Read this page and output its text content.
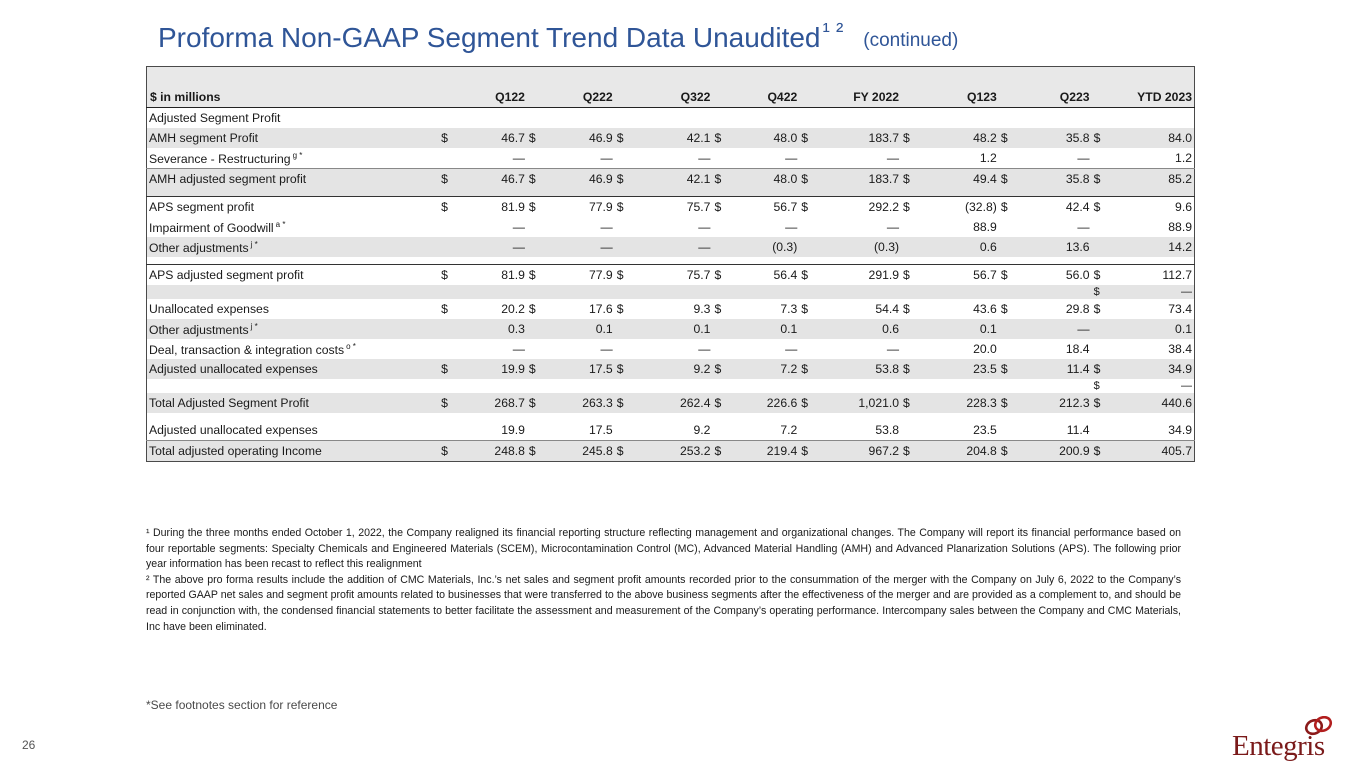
Proforma Non-GAAP Segment Trend Data Unaudited$^{^1 ^2}$ (continued)

$ in millions	Q122		Q222		Q322		Q422		FY 2022		Q123		Q223		YTD 2023	
Adjusted Segment Profit																
AMH segment Profit	$	46.7	$	46.9	$	42.1	$	48.0	$	183.7	$	48.2	$	35.8	$	84.0
Severance - Restructuring $^{g *}$		—		—		—		—		—		1.2		—		1.2
AMH adjusted segment profit	$	46.7	$	46.9	$	42.1	$	48.0	$	183.7	$	49.4	$	35.8	$	85.2

APS segment profit	$	81.9	$	77.9	$	75.7	$	56.7	$	292.2	$	(32.8)	$	42.4	$	9.6
Impairment of Goodwill $^{a *}$		—		—		—		—		—		88.9		—		88.9
Other adjustments $^{j *}$		—		—		—		(0.3)		(0.3)		0.6		13.6		14.2

APS adjusted segment profit	$	81.9	$	77.9	$	75.7	$	56.4	$	291.9	$	56.7	$	56.0	$	112.7
															$	—
Unallocated expenses	$	20.2	$	17.6	$	9.3	$	7.3	$	54.4	$	43.6	$	29.8	$	73.4
Other adjustments $^{j *}$		0.3		0.1		0.1		0.1		0.6		0.1		—		0.1
Deal, transaction & integration costs $^{o *}$		—		—		—		—		—		20.0		18.4		38.4
Adjusted unallocated expenses	$	19.9	$	17.5	$	9.2	$	7.2	$	53.8	$	23.5	$	11.4	$	34.9
															$	—
Total Adjusted Segment Profit	$	268.7	$	263.3	$	262.4	$	226.6	$	1,021.0	$	228.3	$	212.3	$	440.6

Adjusted unallocated expenses		19.9		17.5		9.2		7.2		53.8		23.5		11.4		34.9
Total adjusted operating Income	$	248.8	$	245.8	$	253.2	$	219.4	$	967.2	$	204.8	$	200.9	$	405.7

¹ During the three months ended October 1, 2022, the Company realigned its financial reporting structure reflecting management and organizational changes. The Company will report its financial performance based on four reportable segments: Specialty Chemicals and Engineered Materials (SCEM), Microcontamination Control (MC), Advanced Material Handling (AMH) and Advanced Planarization Solutions (APS). The following prior year information has been recast to reflect this realignment

² The above pro forma results include the addition of CMC Materials, Inc.’s net sales and segment profit amounts recorded prior to the consummation of the merger with the Company on July 6, 2022 to the Company’s reported GAAP net sales and segment profit amounts related to businesses that were transferred to the above business segments after the effectiveness of the merger and are provided as a complement to, and should be read in conjunction with, the condensed financial statements to better facilitate the assessment and measurement of the Company’s operating performance. Intercompany sales between the Company and CMC Materials, Inc have been eliminated.

*See footnotes section for reference
26	Entegris
